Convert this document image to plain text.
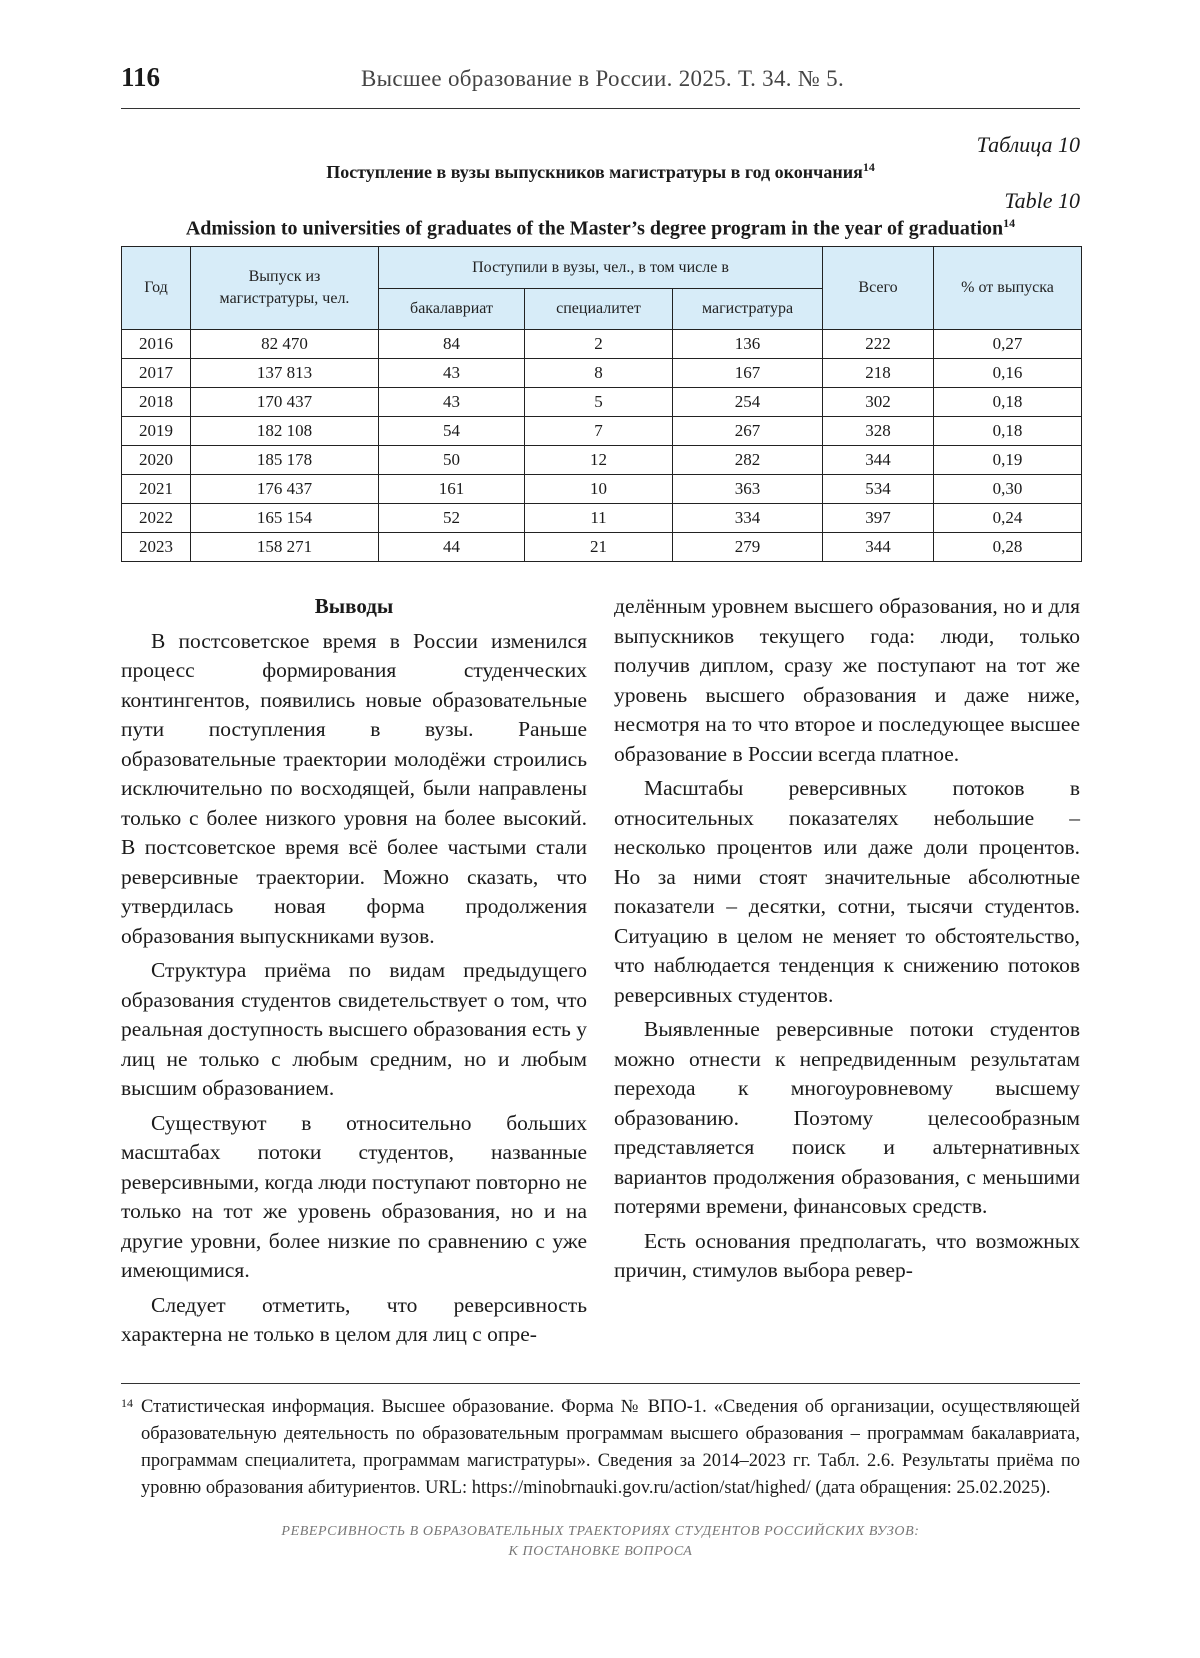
116	Высшее образование в России. 2025. Т. 34. № 5.
Таблица 10
Поступление в вузы выпускников магистратуры в год окончания$^{14}$
Table 10
Admission to universities of graduates of the Master’s degree program in the year of graduation$^{14}$
Год	Выпуск из магистратуры, чел.	Поступили в вузы, чел., в том числе в			Всего	% от выпуска
		бакалавриат	специалитет	магистратура		
2016	82 470	84	2	136	222	0,27
2017	137 813	43	8	167	218	0,16
2018	170 437	43	5	254	302	0,18
2019	182 108	54	7	267	328	0,18
2020	185 178	50	12	282	344	0,19
2021	176 437	161	10	363	534	0,30
2022	165 154	52	11	334	397	0,24
2023	158 271	44	21	279	344	0,28

Выводы

В постсоветское время в России изменился процесс формирования студенческих контингентов, появились новые образовательные пути поступления в вузы. Раньше образовательные траектории молодёжи строились исключительно по восходящей, были направлены только с более низкого уровня на более высокий. В постсоветское время всё более частыми стали реверсивные траектории. Можно сказать, что утвердилась новая форма продолжения образования выпускниками вузов.

Структура приёма по видам предыдущего образования студентов свидетельствует о том, что реальная доступность высшего образования есть у лиц не только с любым средним, но и любым высшим образованием.

Существуют в относительно больших масштабах потоки студентов, названные реверсивными, когда люди поступают повторно не только на тот же уровень образования, но и на другие уровни, более низкие по сравнению с уже имеющимися.

Следует отметить, что реверсивность характерна не только в целом для лиц с опре-

делённым уровнем высшего образования, но и для выпускников текущего года: люди, только получив диплом, сразу же поступают на тот же уровень высшего образования и даже ниже, несмотря на то что второе и последующее высшее образование в России всегда платное.

Масштабы реверсивных потоков в относительных показателях небольшие – несколько процентов или даже доли процентов. Но за ними стоят значительные абсолютные показатели – десятки, сотни, тысячи студентов. Ситуацию в целом не меняет то обстоятельство, что наблюдается тенденция к снижению потоков реверсивных студентов.

Выявленные реверсивные потоки студентов можно отнести к непредвиденным результатам перехода к многоуровневому высшему образованию. Поэтому целесообразным представляется поиск и альтернативных вариантов продолжения образования, с меньшими потерями времени, финансовых средств.

Есть основания предполагать, что возможных причин, стимулов выбора ревер-

14 Статистическая информация. Высшее образование. Форма № ВПО-1. «Сведения об организации, осуществляющей образовательную деятельность по образовательным программам высшего образования – программам бакалавриата, программам специалитета, программам магистратуры». Сведения за 2014–2023 гг. Табл. 2.6. Результаты приёма по уровню образования абитуриентов. URL: https://minobrnauki.gov.ru/action/stat/highed/ (дата обращения: 25.02.2025).
РЕВЕРСИВНОСТЬ В ОБРАЗОВАТЕЛЬНЫХ ТРАЕКТОРИЯХ СТУДЕНТОВ РОССИЙСКИХ ВУЗОВ:
К ПОСТАНОВКЕ ВОПРОСА
